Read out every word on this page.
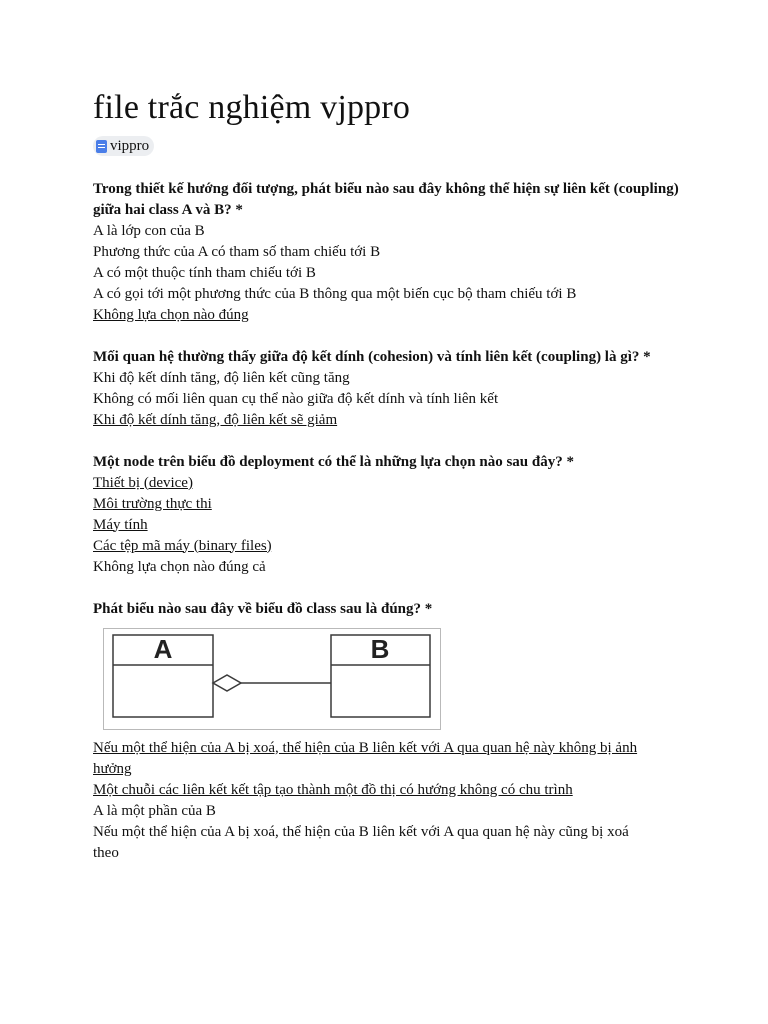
file trắc nghiệm vjppro
vippro
Trong thiết kế hướng đối tượng, phát biểu nào sau đây không thể hiện sự liên kết (coupling) giữa hai class A và B? *
A là lớp con của B
Phương thức của A có tham số tham chiếu tới B
A có một thuộc tính tham chiếu tới B
A có gọi tới một phương thức của B thông qua một biến cục bộ tham chiếu tới B
Không lựa chọn nào đúng
Mối quan hệ thường thấy giữa độ kết dính (cohesion) và tính liên kết (coupling) là gì? *
Khi độ kết dính tăng, độ liên kết cũng tăng
Không có mối liên quan cụ thể nào giữa độ kết dính và tính liên kết
Khi độ kết dính tăng, độ liên kết sẽ giảm
Một node trên biểu đồ deployment có thể là những lựa chọn nào sau đây? *
Thiết bị (device)
Môi trường thực thi
Máy tính
Các tệp mã máy (binary files)
Không lựa chọn nào đúng cả
Phát biểu nào sau đây về biểu đồ class sau là đúng? *
A	B
Nếu một thể hiện của A bị xoá, thể hiện của B liên kết với A qua quan hệ này không bị ảnh
hưởng
Một chuỗi các liên kết kết tập tạo thành một đồ thị có hướng không có chu trình
A là một phần của B
Nếu một thể hiện của A bị xoá, thể hiện của B liên kết với A qua quan hệ này cũng bị xoá
theo
